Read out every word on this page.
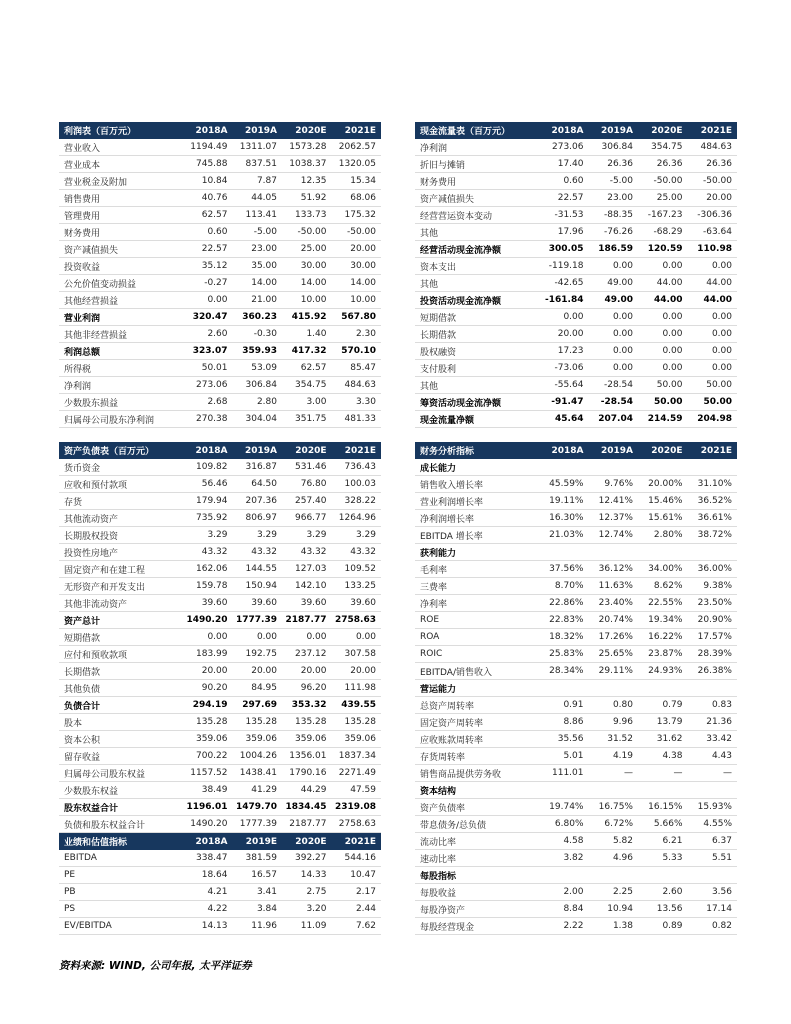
利润表（百万元）	2018A	2019A	2020E	2021E
营业收入	1194.49	1311.07	1573.28	2062.57
营业成本	745.88	837.51	1038.37	1320.05
营业税金及附加	10.84	7.87	12.35	15.34
销售费用	40.76	44.05	51.92	68.06
管理费用	62.57	113.41	133.73	175.32
财务费用	0.60	-5.00	-50.00	-50.00
资产减值损失	22.57	23.00	25.00	20.00
投资收益	35.12	35.00	30.00	30.00
公允价值变动损益	-0.27	14.00	14.00	14.00
其他经营损益	0.00	21.00	10.00	10.00
营业利润	320.47	360.23	415.92	567.80
其他非经营损益	2.60	-0.30	1.40	2.30
利润总额	323.07	359.93	417.32	570.10
所得税	50.01	53.09	62.57	85.47
净利润	273.06	306.84	354.75	484.63
少数股东损益	2.68	2.80	3.00	3.30
归属母公司股东净利润	270.38	304.04	351.75	481.33
资产负债表（百万元）	2018A	2019A	2020E	2021E
货币资金	109.82	316.87	531.46	736.43
应收和预付款项	56.46	64.50	76.80	100.03
存货	179.94	207.36	257.40	328.22
其他流动资产	735.92	806.97	966.77	1264.96
长期股权投资	3.29	3.29	3.29	3.29
投资性房地产	43.32	43.32	43.32	43.32
固定资产和在建工程	162.06	144.55	127.03	109.52
无形资产和开发支出	159.78	150.94	142.10	133.25
其他非流动资产	39.60	39.60	39.60	39.60
资产总计	1490.20 1777.39 2187.77 2758.63
短期借款	0.00	0.00	0.00	0.00
应付和预收款项	183.99	192.75	237.12	307.58
长期借款	20.00	20.00	20.00	20.00
其他负债	90.20	84.95	96.20	111.98
负债合计	294.19	297.69	353.32	439.55
股本	135.28	135.28	135.28	135.28
资本公积	359.06	359.06	359.06	359.06
留存收益	700.22	1004.26	1356.01	1837.34
归属母公司股东权益	1157.52	1438.41	1790.16	2271.49
少数股东权益	38.49	41.29	44.29	47.59
股东权益合计	1196.01 1479.70 1834.45 2319.08
负债和股东权益合计	1490.20	1777.39	2187.77	2758.63
业绩和估值指标	2018A	2019E	2020E	2021E
EBITDA	338.47	381.59	392.27	544.16
PE	18.64	16.57	14.33	10.47
PB	4.21	3.41	2.75	2.17
PS	4.22	3.84	3.20	2.44
EV/EBITDA	14.13	11.96	11.09	7.62
现金流量表（百万元）	2018A	2019A	2020E	2021E
净利润	273.06	306.84	354.75	484.63
折旧与摊销	17.40	26.36	26.36	26.36
财务费用	0.60	-5.00	-50.00	-50.00
资产减值损失	22.57	23.00	25.00	20.00
经营营运资本变动	-31.53	-88.35	-167.23	-306.36
其他	17.96	-76.26	-68.29	-63.64
经营活动现金流净额	300.05	186.59	120.59	110.98
资本支出	-119.18	0.00	0.00	0.00
其他	-42.65	49.00	44.00	44.00
投资活动现金流净额	-161.84	49.00	44.00	44.00
短期借款	0.00	0.00	0.00	0.00
长期借款	20.00	0.00	0.00	0.00
股权融资	17.23	0.00	0.00	0.00
支付股利	-73.06	0.00	0.00	0.00
其他	-55.64	-28.54	50.00	50.00
筹资活动现金流净额	-91.47	-28.54	50.00	50.00
现金流量净额	45.64	207.04	214.59	204.98
财务分析指标	2018A	2019A	2020E	2021E
成长能力
销售收入增长率	45.59%	9.76%	20.00%	31.10%
营业利润增长率	19.11%	12.41%	15.46%	36.52%
净利润增长率	16.30%	12.37%	15.61%	36.61%
EBITDA 增长率	21.03%	12.74%	2.80%	38.72%
获利能力
毛利率	37.56%	36.12%	34.00%	36.00%
三费率	8.70%	11.63%	8.62%	9.38%
净利率	22.86%	23.40%	22.55%	23.50%
ROE	22.83%	20.74%	19.34%	20.90%
ROA	18.32%	17.26%	16.22%	17.57%
ROIC	25.83%	25.65%	23.87%	28.39%
EBITDA/销售收入	28.34%	29.11%	24.93%	26.38%
营运能力
总资产周转率	0.91	0.80	0.79	0.83
固定资产周转率	8.86	9.96	13.79	21.36
应收账款周转率	35.56	31.52	31.62	33.42
存货周转率	5.01	4.19	4.38	4.43
销售商品提供劳务收	111.01	—	—	—
资本结构
资产负债率	19.74%	16.75%	16.15%	15.93%
带息债务/总负债	6.80%	6.72%	5.66%	4.55%
流动比率	4.58	5.82	6.21	6.37
速动比率	3.82	4.96	5.33	5.51
每股指标
每股收益	2.00	2.25	2.60	3.56
每股净资产	8.84	10.94	13.56	17.14
每股经营现金	2.22	1.38	0.89	0.82
资料来源: WIND, 公司年报, 太平洋证券
